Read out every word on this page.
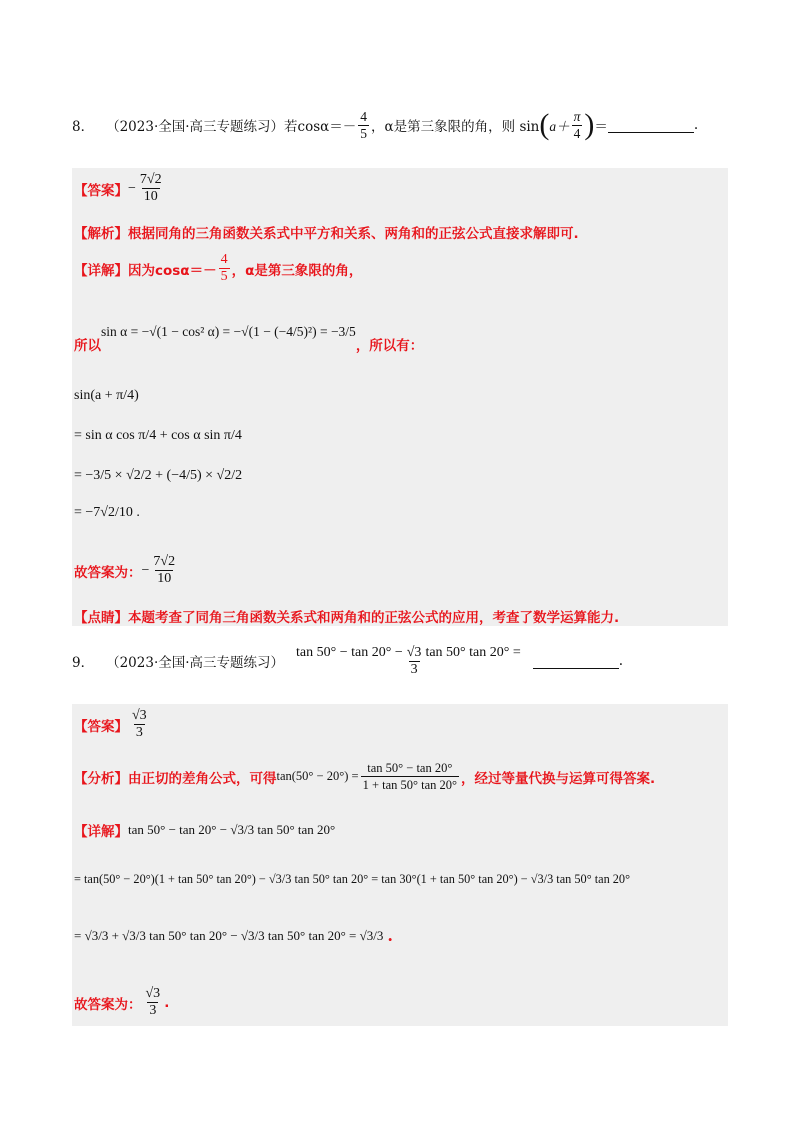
8． （2023·全国·高三专题练习） 若$\cos\alpha=- \frac{4}{5}$ ，α是第三象限的角，则 sin ( $a+ \frac{\pi}{4}$ ) ＝	.
【答案】 − $\frac{7√2}{10}$
【解析】根据同角的三角函数关系式中平方和关系、两角和的正弦公式直接求解即可.
【详解】 因为$\cos\alpha=- \frac{4}{5}$ ，α是第三象限的角，
所以
sin α = −√(1 − cos² α) = −√(1 − (−4/5)²) = −3/5
，所以有：
sin(a + π/4)
= sin α cos π/4 + cos α sin π/4
= −3/5 × √2/2 + (−4/5) × √2/2
= −7√2/10 .
故答案为： − $\frac{7√2}{10}$
【点睛】本题考查了同角三角函数关系式和两角和的正弦公式的应用，考查了数学运算能力.
9． （2023·全国·高三专题练习）
$\tan 50^\circ - \tan 20^\circ - \frac{√3}{3}$ tan 50° tan 20° =
.
【答案】 $\frac{√3}{3}$
【分析】 由正切的差角公式，可得 $\tan(50^\circ - 20^\circ) = \frac{\tan 50^\circ - \tan 20^\circ}{1 + \tan 50^\circ \tan 20^\circ}$ ，经过等量代换与运算可得答案.
【详解】 tan 50° − tan 20° − √3/3 tan 50° tan 20°
= tan(50° − 20°)(1 + tan 50° tan 20°) − √3/3 tan 50° tan 20° = tan 30°(1 + tan 50° tan 20°) − √3/3 tan 50° tan 20°
= √3/3 + √3/3 tan 50° tan 20° − √3/3 tan 50° tan 20° = √3/3 .
故答案为： $\frac{√3}{3}$ .
